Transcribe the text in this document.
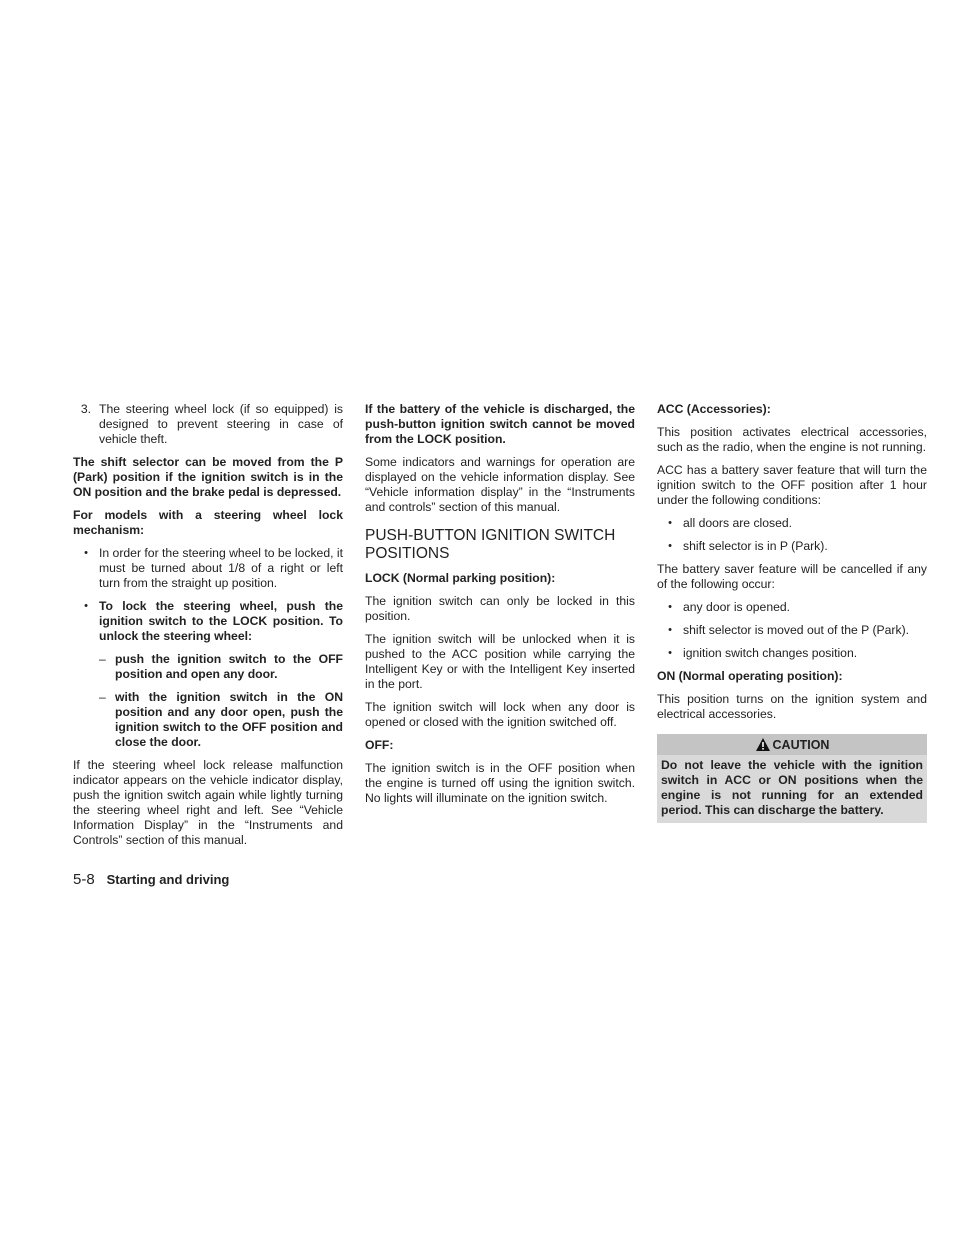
3. The steering wheel lock (if so equipped) is designed to prevent steering in case of vehicle theft.

The shift selector can be moved from the P (Park) position if the ignition switch is in the ON position and the brake pedal is depressed.

For models with a steering wheel lock mechanism:

• In order for the steering wheel to be locked, it must be turned about 1/8 of a right or left turn from the straight up position.
• To lock the steering wheel, push the ignition switch to the LOCK position. To unlock the steering wheel:
– push the ignition switch to the OFF position and open any door.
– with the ignition switch in the ON position and any door open, push the ignition switch to the OFF position and close the door.

If the steering wheel lock release malfunction indicator appears on the vehicle indicator display, push the ignition switch again while lightly turning the steering wheel right and left. See “Vehicle Information Display” in the “Instruments and Controls” section of this manual.

If the battery of the vehicle is discharged, the push-button ignition switch cannot be moved from the LOCK position.

Some indicators and warnings for operation are displayed on the vehicle information display. See “Vehicle information display” in the “Instruments and controls” section of this manual.

PUSH-BUTTON IGNITION SWITCH POSITIONS

LOCK (Normal parking position):

The ignition switch can only be locked in this position.

The ignition switch will be unlocked when it is pushed to the ACC position while carrying the Intelligent Key or with the Intelligent Key inserted in the port.

The ignition switch will lock when any door is opened or closed with the ignition switched off.

OFF:

The ignition switch is in the OFF position when the engine is turned off using the ignition switch. No lights will illuminate on the ignition switch.

ACC (Accessories):

This position activates electrical accessories, such as the radio, when the engine is not running.

ACC has a battery saver feature that will turn the ignition switch to the OFF position after 1 hour under the following conditions:

• all doors are closed.
• shift selector is in P (Park).

The battery saver feature will be cancelled if any of the following occur:

• any door is opened.
• shift selector is moved out of the P (Park).
• ignition switch changes position.

ON (Normal operating position):

This position turns on the ignition system and electrical accessories.

CAUTION
Do not leave the vehicle with the ignition switch in ACC or ON positions when the engine is not running for an extended period. This can discharge the battery.
5-8 Starting and driving
